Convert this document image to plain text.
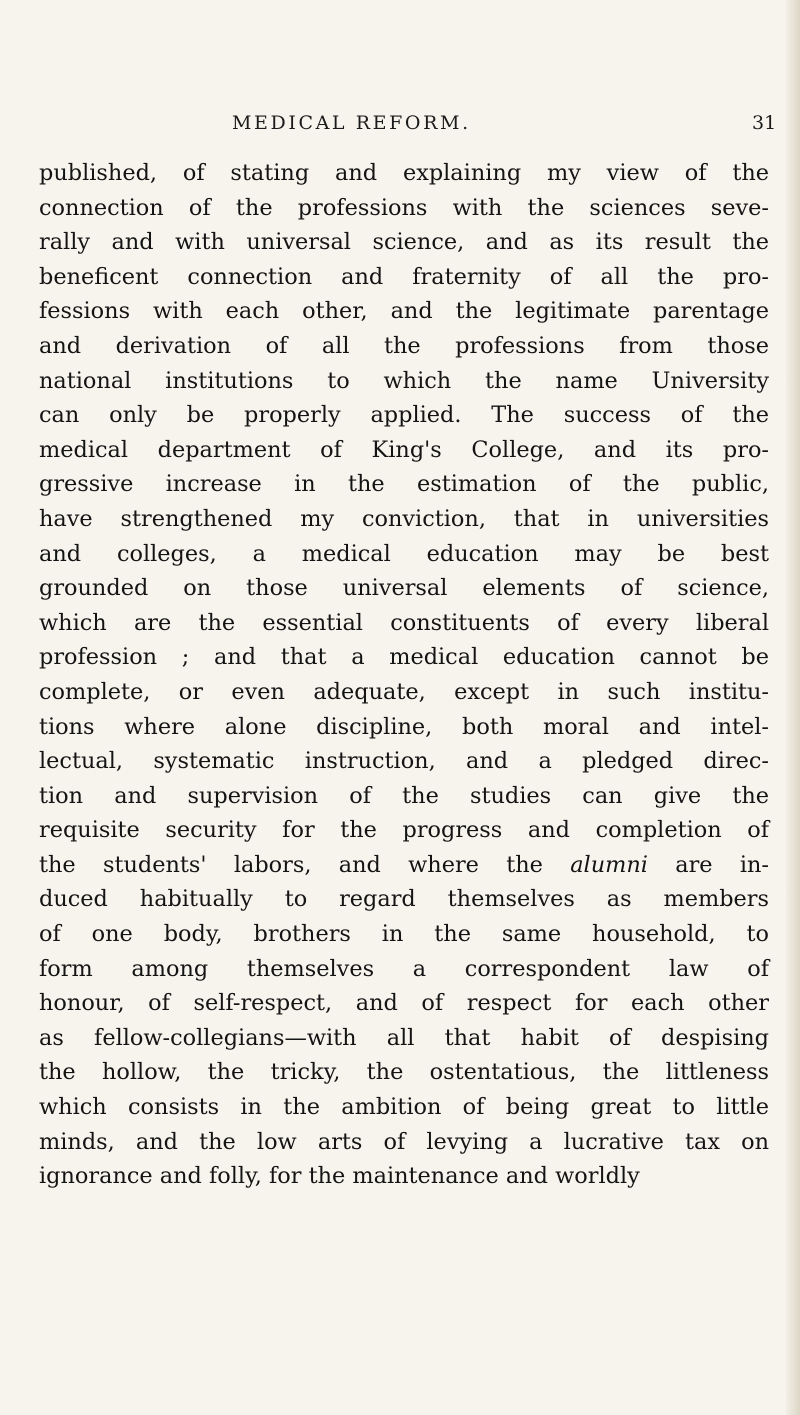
MEDICAL REFORM.	31
published, of stating and explaining my view of the
connection of the professions with the sciences seve-
rally and with universal science, and as its result the
beneficent connection and fraternity of all the pro-
fessions with each other, and the legitimate parentage
and derivation of all the professions from those
national institutions to which the name University
can only be properly applied. The success of the
medical department of King's College, and its pro-
gressive increase in the estimation of the public,
have strengthened my conviction, that in universities
and colleges, a medical education may be best
grounded on those universal elements of science,
which are the essential constituents of every liberal
profession ; and that a medical education cannot be
complete, or even adequate, except in such institu-
tions where alone discipline, both moral and intel-
lectual, systematic instruction, and a pledged direc-
tion and supervision of the studies can give the
requisite security for the progress and completion of
the students' labors, and where the alumni are in-
duced habitually to regard themselves as members
of one body, brothers in the same household, to
form among themselves a correspondent law of
honour, of self-respect, and of respect for each other
as fellow-collegians—with all that habit of despising
the hollow, the tricky, the ostentatious, the littleness
which consists in the ambition of being great to little
minds, and the low arts of levying a lucrative tax on
ignorance and folly, for the maintenance and worldly
